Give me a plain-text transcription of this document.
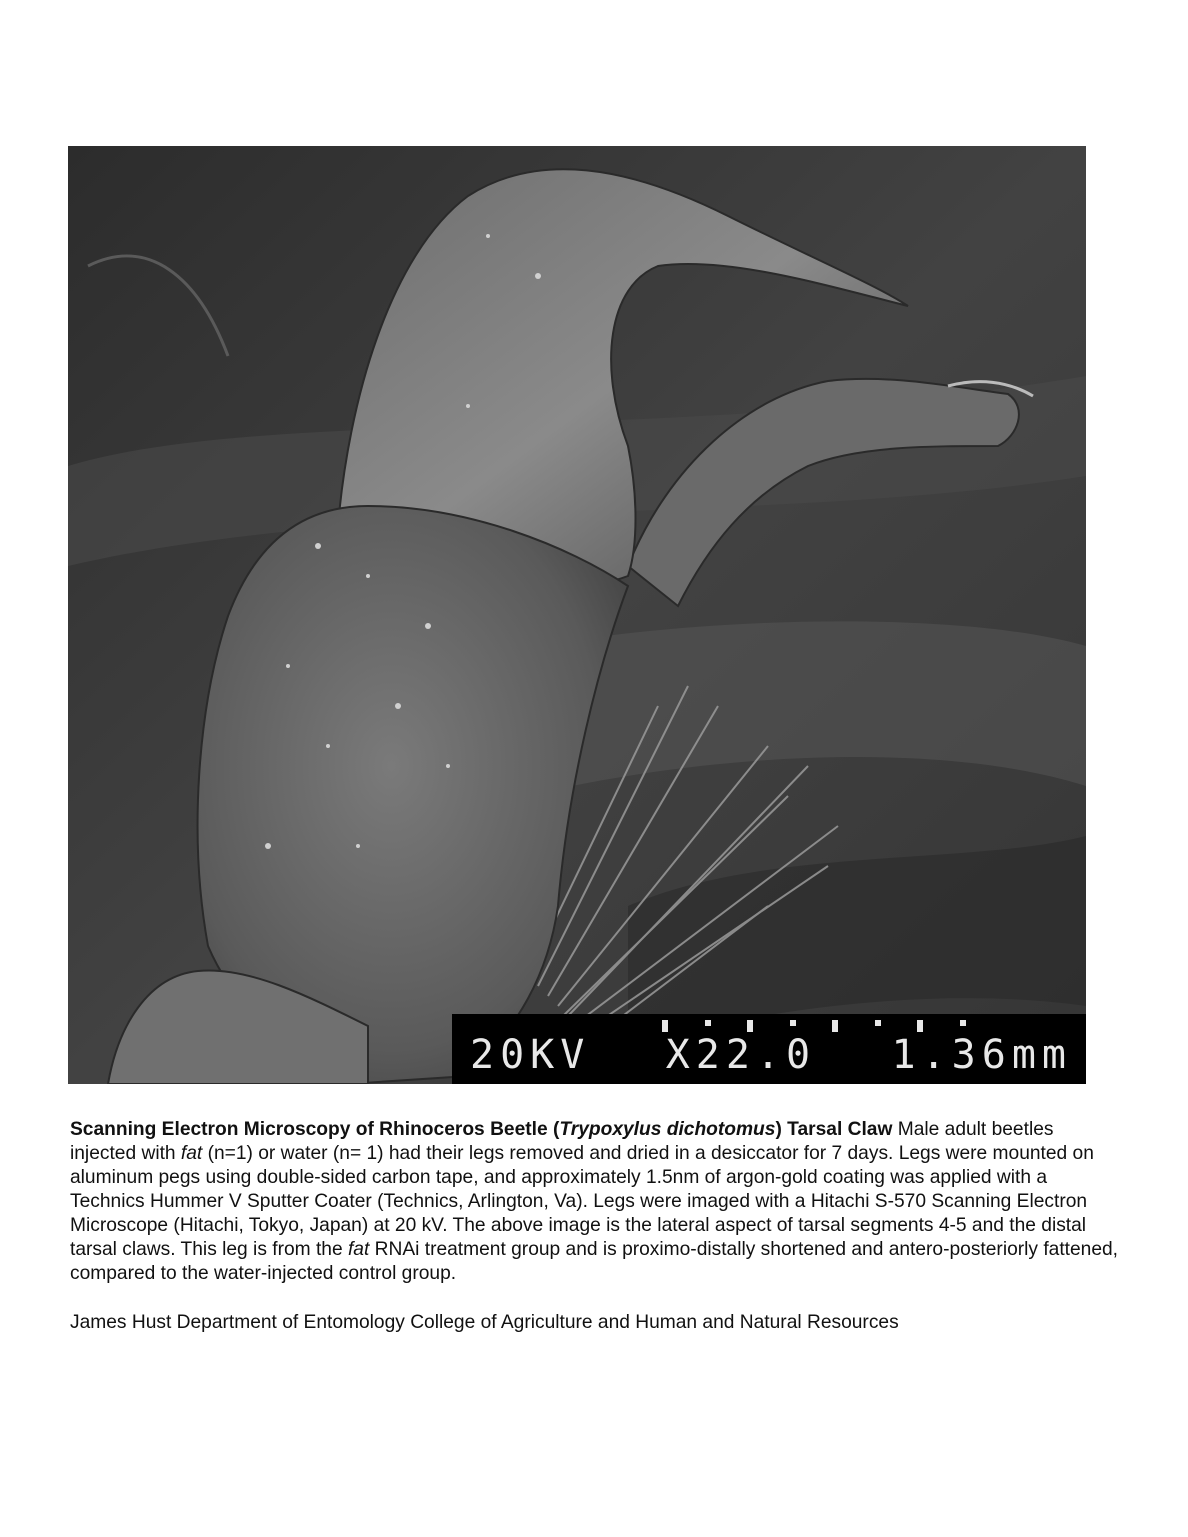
20KV X22.0 1.36mm

Scanning Electron Microscopy of Rhinoceros Beetle (Trypoxylus dichotomus) Tarsal Claw Male adult beetles injected with fat (n=1) or water (n= 1) had their legs removed and dried in a desiccator for 7 days. Legs were mounted on aluminum pegs using double-sided carbon tape, and approximately 1.5nm of argon-gold coating was applied with a Technics Hummer V Sputter Coater (Technics, Arlington, Va). Legs were imaged with a Hitachi S-570 Scanning Electron Microscope (Hitachi, Tokyo, Japan) at 20 kV. The above image is the lateral aspect of tarsal segments 4-5 and the distal tarsal claws. This leg is from the fat RNAi treatment group and is proximo-distally shortened and antero-posteriorly fattened, compared to the water-injected control group.

James Hust Department of Entomology College of Agriculture and Human and Natural Resources
